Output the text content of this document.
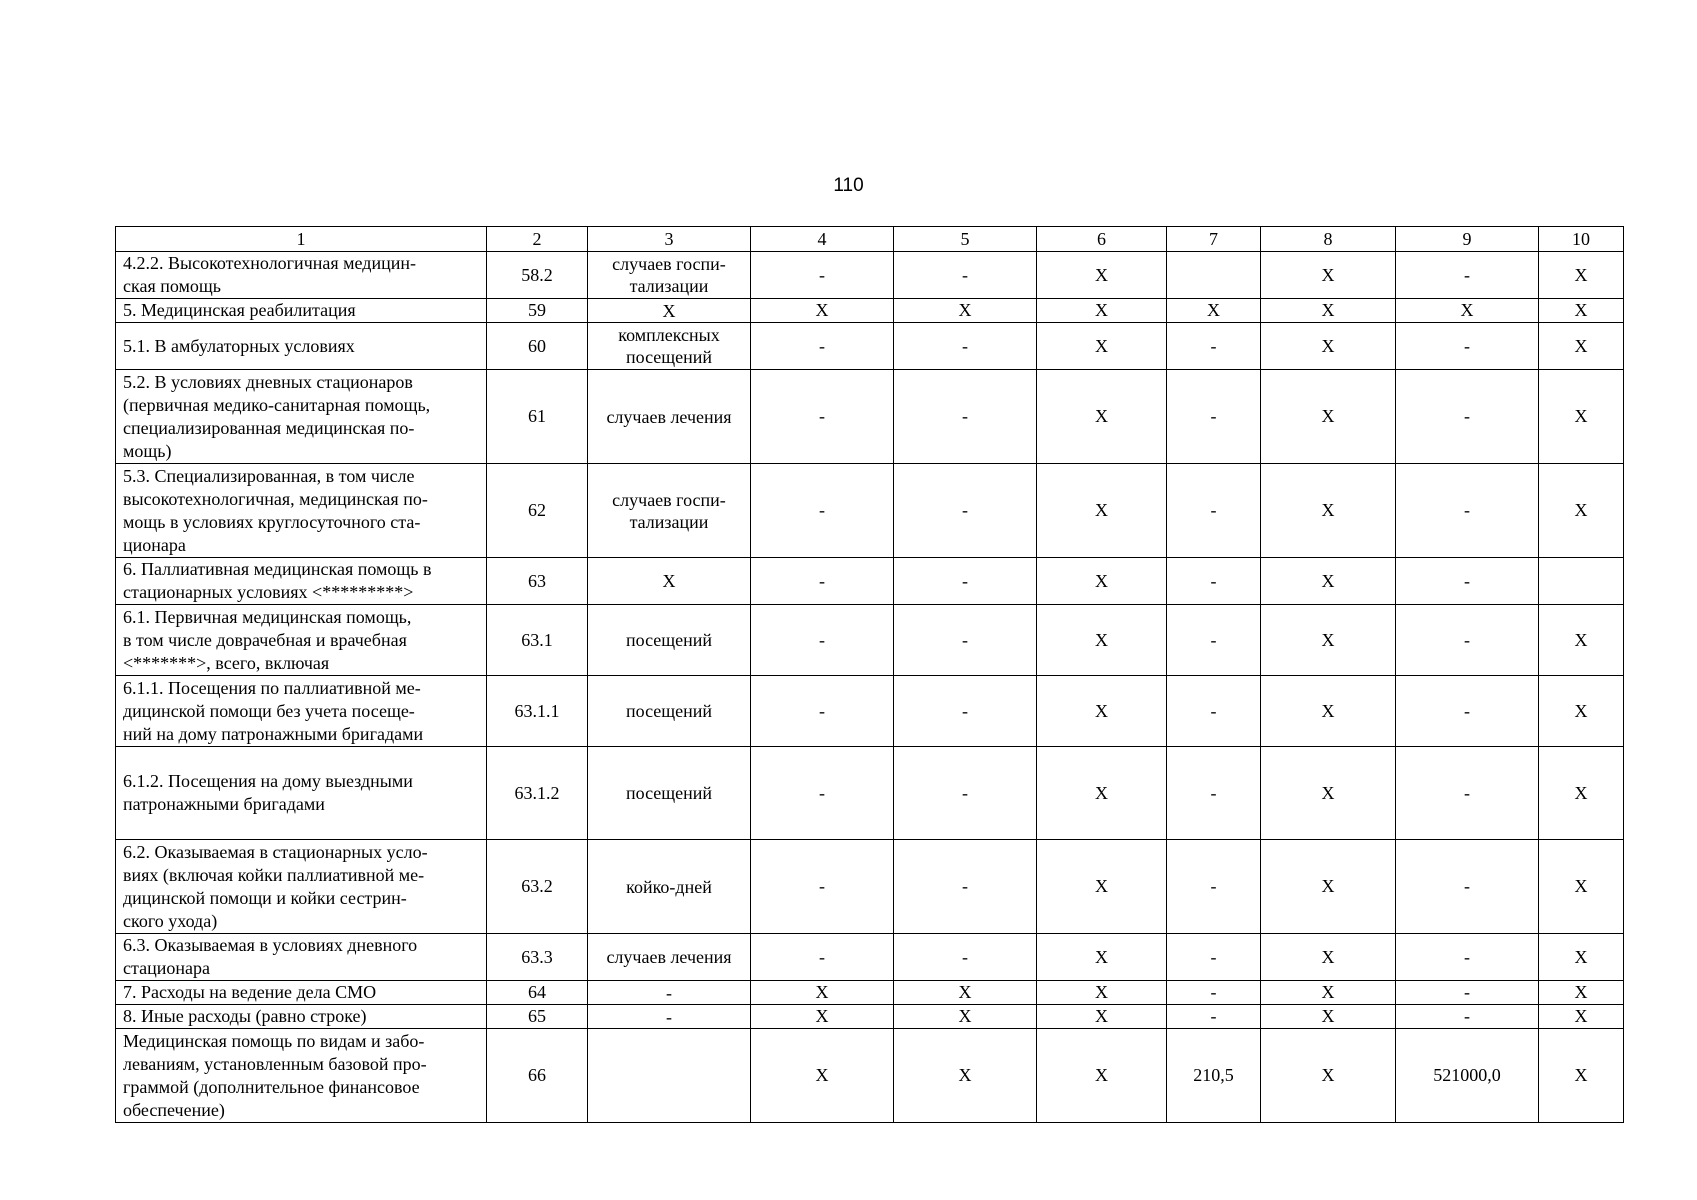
110
1	2	3	4	5	6	7	8	9	10
4.2.2. Высокотехнологичная медицин-
ская помощь	58.2	случаев госпи-
тализации	-	-	X		X	-	X
5. Медицинская реабилитация	59	X	X	X	X	X	X	X	X
5.1. В амбулаторных условиях	60	комплексных
посещений	-	-	X	-	X	-	X
5.2. В условиях дневных стационаров
(первичная медико-санитарная помощь,
специализированная медицинская по-
мощь)	61	случаев лечения	-	-	X	-	X	-	X
5.3. Специализированная, в том числе
высокотехнологичная, медицинская по-
мощь в условиях круглосуточного ста-
ционара	62	случаев госпи-
тализации	-	-	X	-	X	-	X
6. Паллиативная медицинская помощь в
стационарных условиях <*********>	63	X	-	-	X	-	X	-	
6.1. Первичная медицинская помощь,
в том числе доврачебная и врачебная
<*******>, всего, включая	63.1	посещений	-	-	X	-	X	-	X
6.1.1. Посещения по паллиативной ме-
дицинской помощи без учета посеще-
ний на дому патронажными бригадами	63.1.1	посещений	-	-	X	-	X	-	X
6.1.2. Посещения на дому выездными
патронажными бригадами	63.1.2	посещений	-	-	X	-	X	-	X
6.2. Оказываемая в стационарных усло-
виях (включая койки паллиативной ме-
дицинской помощи и койки сестрин-
ского ухода)	63.2	койко-дней	-	-	X	-	X	-	X
6.3. Оказываемая в условиях дневного
стационара	63.3	случаев лечения	-	-	X	-	X	-	X
7. Расходы на ведение дела СМО	64	-	X	X	X	-	X	-	X
8. Иные расходы (равно строке)	65	-	X	X	X	-	X	-	X
Медицинская помощь по видам и забо-
леваниям, установленным базовой про-
граммой (дополнительное финансовое
обеспечение)	66		X	X	X	210,5	X	521000,0	X
